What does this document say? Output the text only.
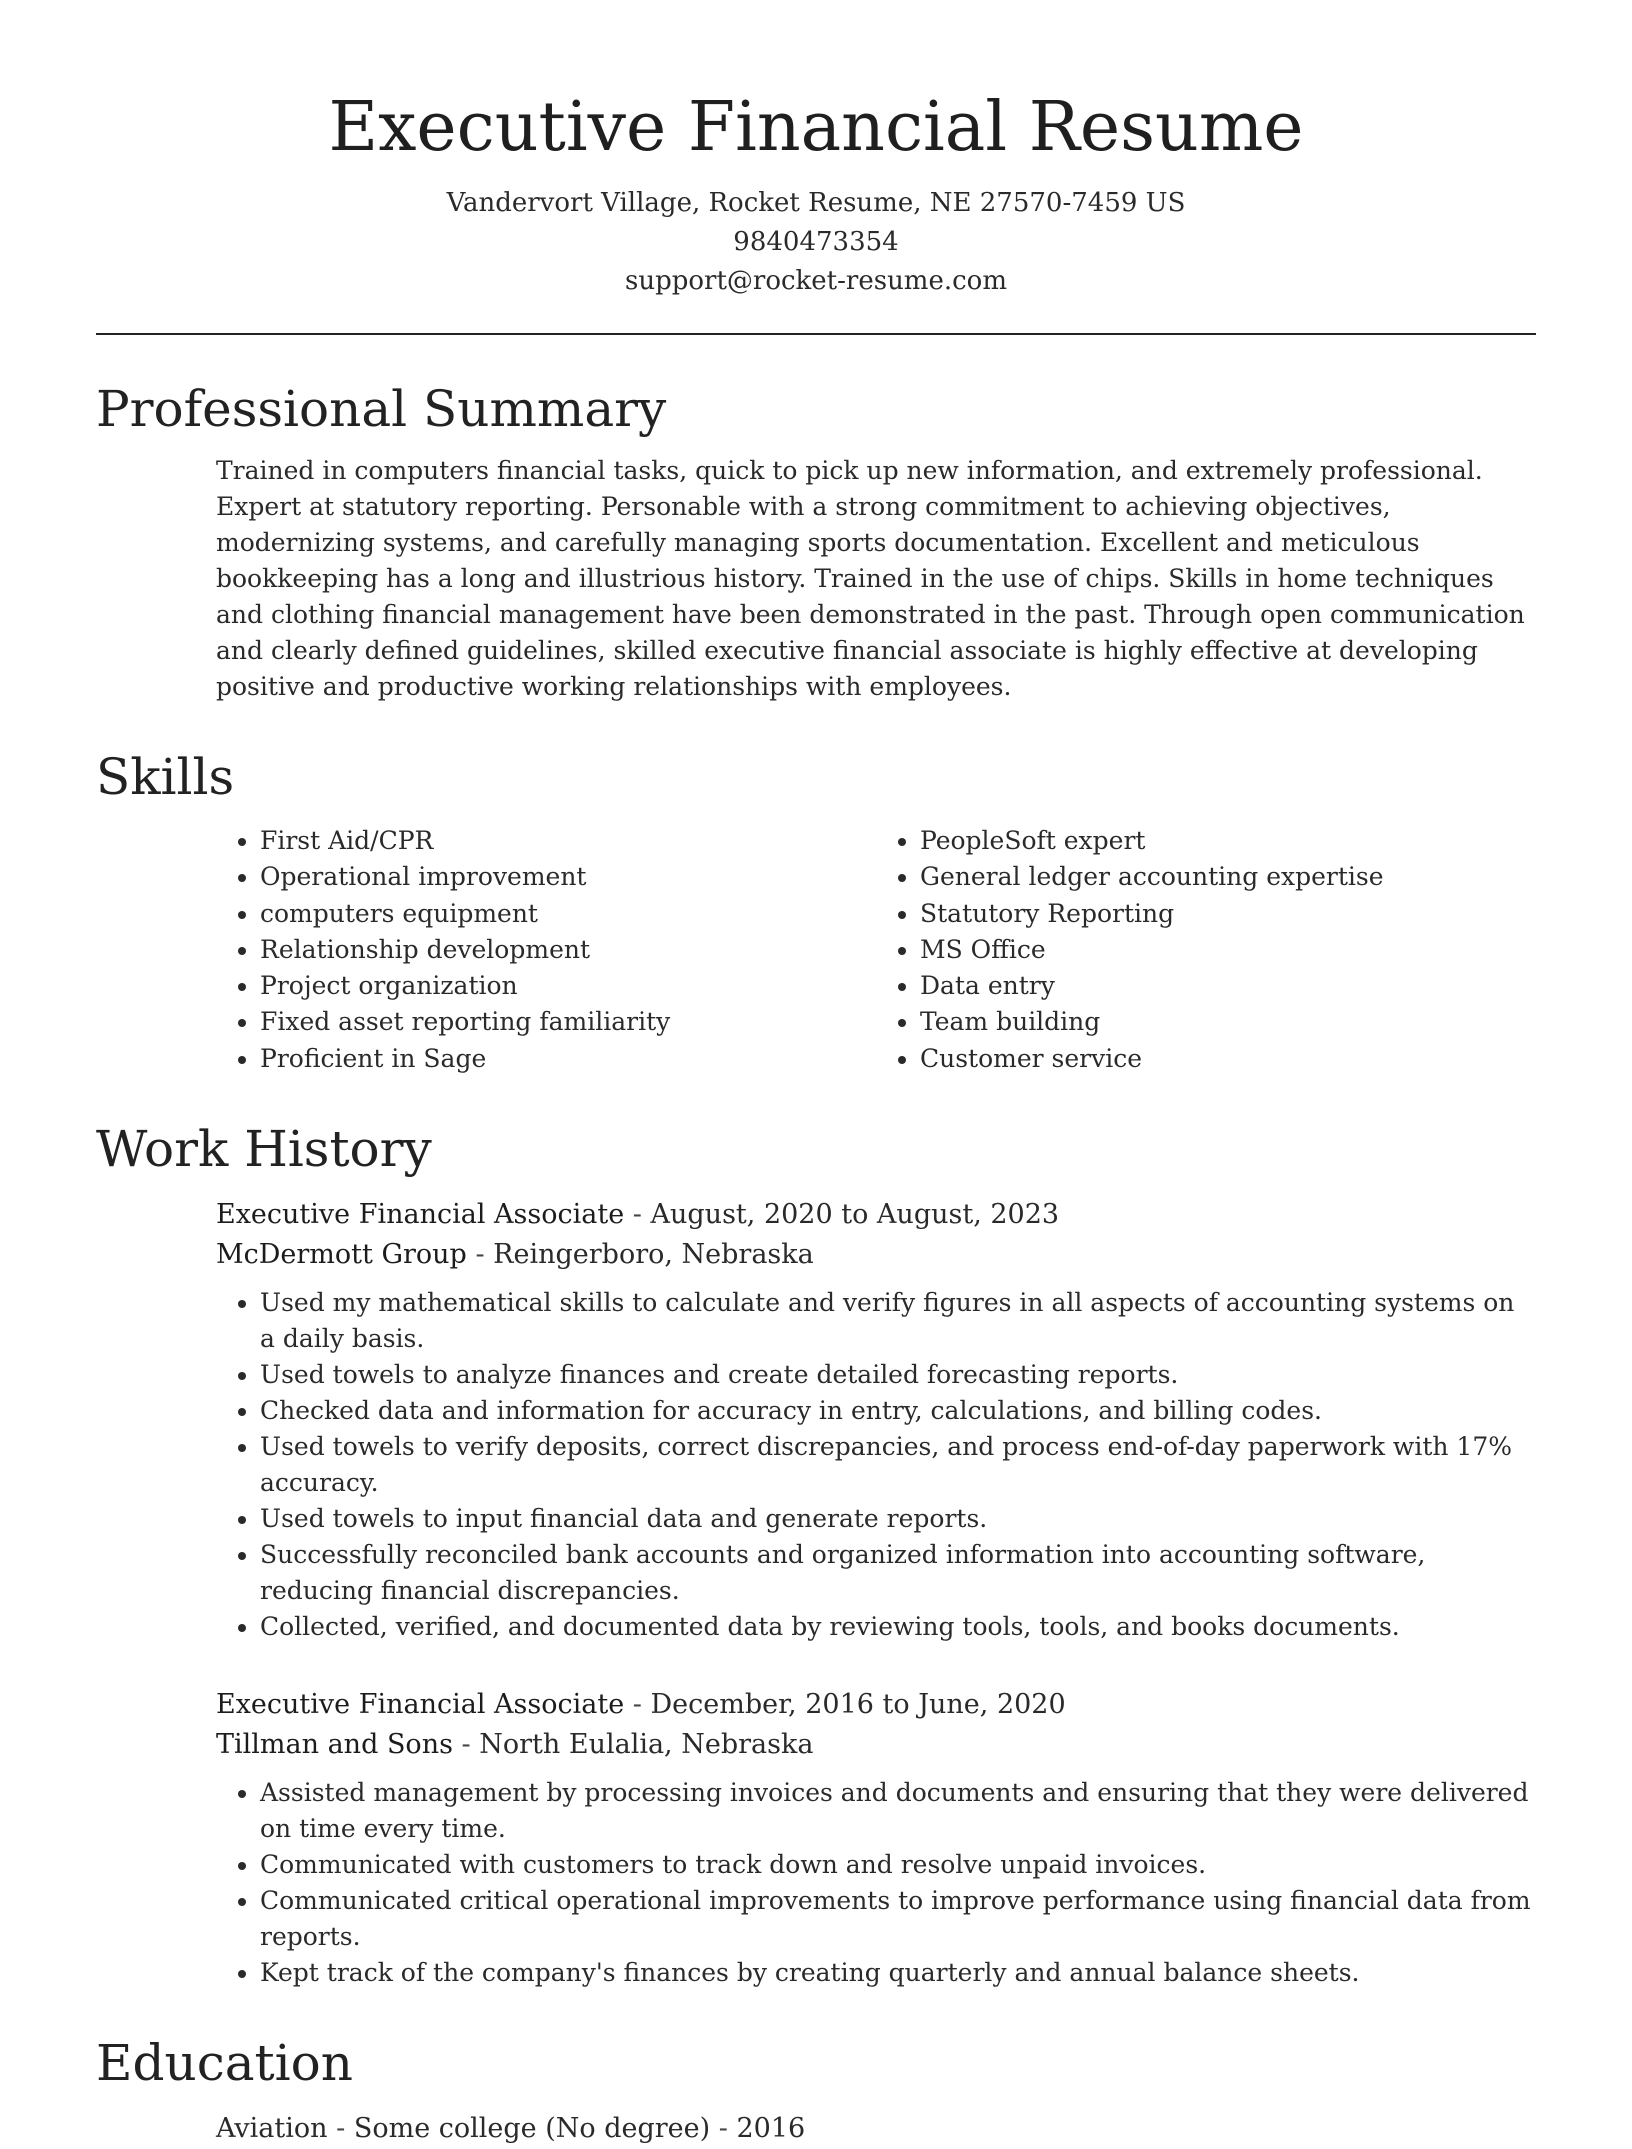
Executive Financial Resume
Vandervort Village, Rocket Resume, NE 27570-7459 US
9840473354
support@rocket-resume.com
Professional Summary

Trained in computers financial tasks, quick to pick up new information, and extremely professional. Expert at statutory reporting. Personable with a strong commitment to achieving objectives, modernizing systems, and carefully managing sports documentation. Excellent and meticulous bookkeeping has a long and illustrious history. Trained in the use of chips. Skills in home techniques and clothing financial management have been demonstrated in the past. Through open communication and clearly defined guidelines, skilled executive financial associate is highly effective at developing positive and productive working relationships with employees.

Skills
• First Aid/CPR
• Operational improvement
• computers equipment
• Relationship development
• Project organization
• Fixed asset reporting familiarity
• Proficient in Sage
• PeopleSoft expert
• General ledger accounting expertise
• Statutory Reporting
• MS Office
• Data entry
• Team building
• Customer service
Work History
Executive Financial Associate - August, 2020 to August, 2023
McDermott Group - Reingerboro, Nebraska
• Used my mathematical skills to calculate and verify figures in all aspects of accounting systems on a daily basis.
• Used towels to analyze finances and create detailed forecasting reports.
• Checked data and information for accuracy in entry, calculations, and billing codes.
• Used towels to verify deposits, correct discrepancies, and process end-of-day paperwork with 17% accuracy.
• Used towels to input financial data and generate reports.
• Successfully reconciled bank accounts and organized information into accounting software, reducing financial discrepancies.
• Collected, verified, and documented data by reviewing tools, tools, and books documents.
Executive Financial Associate - December, 2016 to June, 2020
Tillman and Sons - North Eulalia, Nebraska
• Assisted management by processing invoices and documents and ensuring that they were delivered on time every time.
• Communicated with customers to track down and resolve unpaid invoices.
• Communicated critical operational improvements to improve performance using financial data from reports.
• Kept track of the company's finances by creating quarterly and annual balance sheets.
Education
Aviation - Some college (No degree) - 2016
